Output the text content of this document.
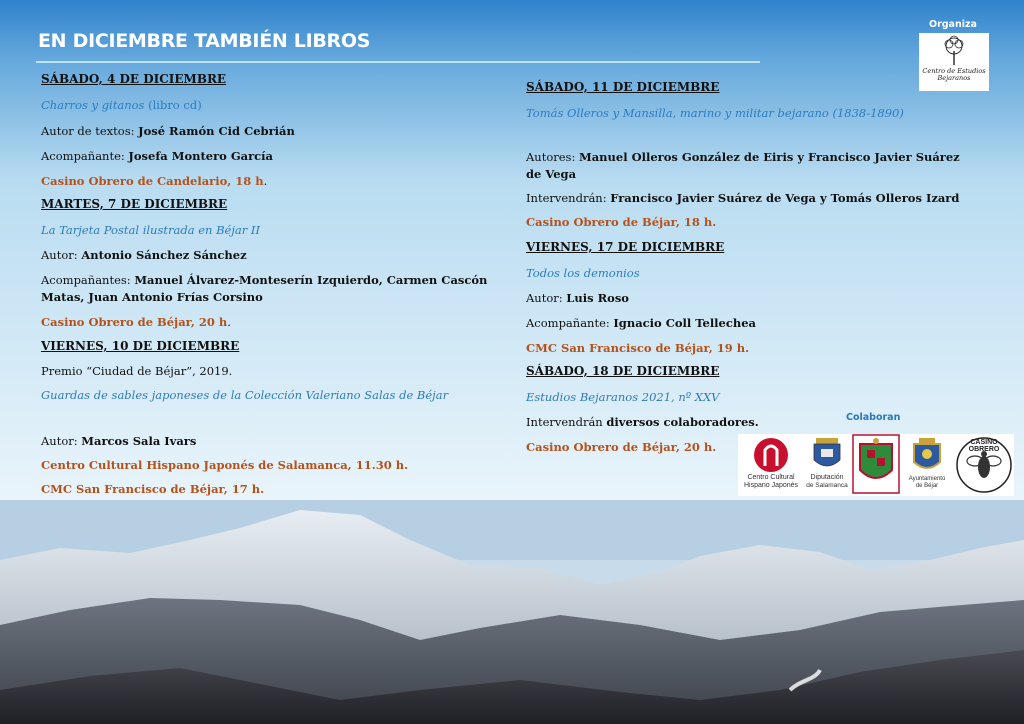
EN DICIEMBRE TAMBIÉN LIBROS
Organiza
Centro de Estudios Bejaranos
SÁBADO, 4 DE DICIEMBRE
Charros y gitanos (libro cd)
Autor de textos: José Ramón Cid Cebrián
Acompañante: Josefa Montero García
Casino Obrero de Candelario, 18 h.
MARTES, 7 DE DICIEMBRE
La Tarjeta Postal ilustrada en Béjar II
Autor: Antonio Sánchez Sánchez
Acompañantes: Manuel Álvarez-Monteserín Izquierdo, Carmen Cascón Matas, Juan Antonio Frías Corsino
Casino Obrero de Béjar, 20 h.
VIERNES, 10 DE DICIEMBRE
Premio “Ciudad de Béjar”, 2019.
Guardas de sables japoneses de la Colección Valeriano Salas de Béjar
Autor: Marcos Sala Ivars
Centro Cultural Hispano Japonés de Salamanca, 11.30 h.
CMC San Francisco de Béjar, 17 h.
SÁBADO, 11 DE DICIEMBRE
Tomás Olleros y Mansilla, marino y militar bejarano (1838-1890)
Autores: Manuel Olleros González de Eiris y Francisco Javier Suárez de Vega
Intervendrán: Francisco Javier Suárez de Vega y Tomás Olleros Izard
Casino Obrero de Béjar, 18 h.
VIERNES, 17 DE DICIEMBRE
Todos los demonios
Autor: Luis Roso
Acompañante: Ignacio Coll Tellechea
CMC San Francisco de Béjar, 19 h.
SÁBADO, 18 DE DICIEMBRE
Estudios Bejaranos 2021, nº XXV
Intervendrán diversos colaboradores.
Casino Obrero de Béjar, 20 h.
Colaboran
Centro Cultural
Hispano Japonés
Diputación
de Salamanca
Ayuntamiento
de Béjar
CASINO OBRERO
